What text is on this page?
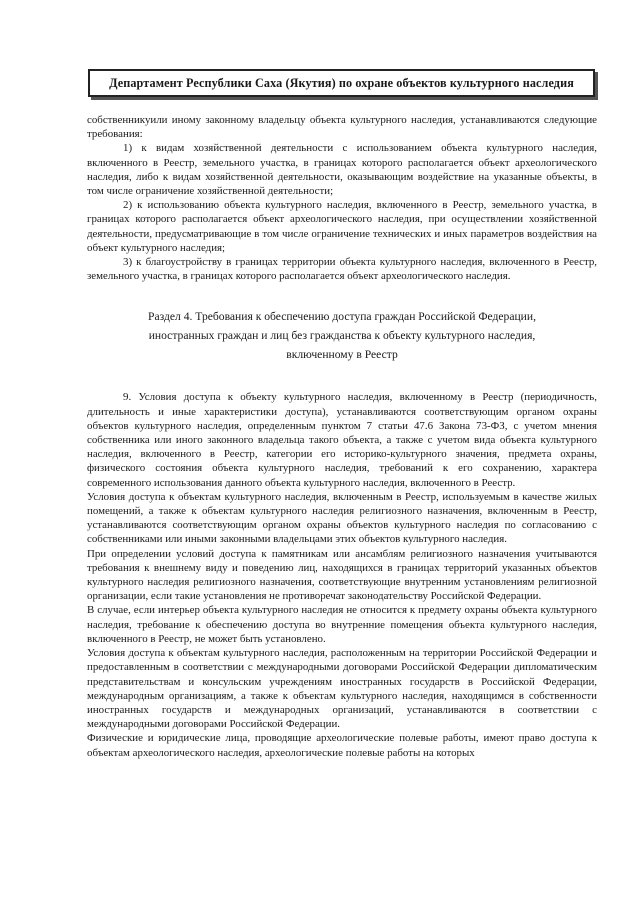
Департамент Республики Саха (Якутия) по охране объектов культурного наследия

собственникуили иному законному владельцу объекта культурного наследия, устанавливаются следующие требования:

1) к видам хозяйственной деятельности с использованием объекта культурного наследия, включенного в Реестр, земельного участка, в границах которого располагается объект археологического наследия, либо к видам хозяйственной деятельности, оказывающим воздействие на указанные объекты, в том числе ограничение хозяйственной деятельности;

2) к использованию объекта культурного наследия, включенного в Реестр, земельного участка, в границах которого располагается объект археологического наследия, при осуществлении хозяйственной деятельности, предусматривающие в том числе ограничение технических и иных параметров воздействия на объект культурного наследия;

3) к благоустройству в границах территории объекта культурного наследия, включенного в Реестр, земельного участка, в границах которого располагается объект археологического наследия.

Раздел 4. Требования к обеспечению доступа граждан Российской Федерации,
иностранных граждан и лиц без гражданства к объекту культурного наследия,
включенному в Реестр

9. Условия доступа к объекту культурного наследия, включенному в Реестр (периодичность, длительность и иные характеристики доступа), устанавливаются соответствующим органом охраны объектов культурного наследия, определенным пунктом 7 статьи 47.6 Закона 73-ФЗ, с учетом мнения собственника или иного законного владельца такого объекта, а также с учетом вида объекта культурного наследия, включенного в Реестр, категории его историко-культурного значения, предмета охраны, физического состояния объекта культурного наследия, требований к его сохранению, характера современного использования данного объекта культурного наследия, включенного в Реестр.

Условия доступа к объектам культурного наследия, включенным в Реестр, используемым в качестве жилых помещений, а также к объектам культурного наследия религиозного назначения, включенным в Реестр, устанавливаются соответствующим органом охраны объектов культурного наследия по согласованию с собственниками или иными законными владельцами этих объектов культурного наследия.

При определении условий доступа к памятникам или ансамблям религиозного назначения учитываются требования к внешнему виду и поведению лиц, находящихся в границах территорий указанных объектов культурного наследия религиозного назначения, соответствующие внутренним установлениям религиозной организации, если такие установления не противоречат законодательству Российской Федерации.

В случае, если интерьер объекта культурного наследия не относится к предмету охраны объекта культурного наследия, требование к обеспечению доступа во внутренние помещения объекта культурного наследия, включенного в Реестр, не может быть установлено.

Условия доступа к объектам культурного наследия, расположенным на территории Российской Федерации и предоставленным в соответствии с международными договорами Российской Федерации дипломатическим представительствам и консульским учреждениям иностранных государств в Российской Федерации, международным организациям, а также к объектам культурного наследия, находящимся в собственности иностранных государств и международных организаций, устанавливаются в соответствии с международными договорами Российской Федерации.

Физические и юридические лица, проводящие археологические полевые работы, имеют право доступа к объектам археологического наследия, археологические полевые работы на которых
